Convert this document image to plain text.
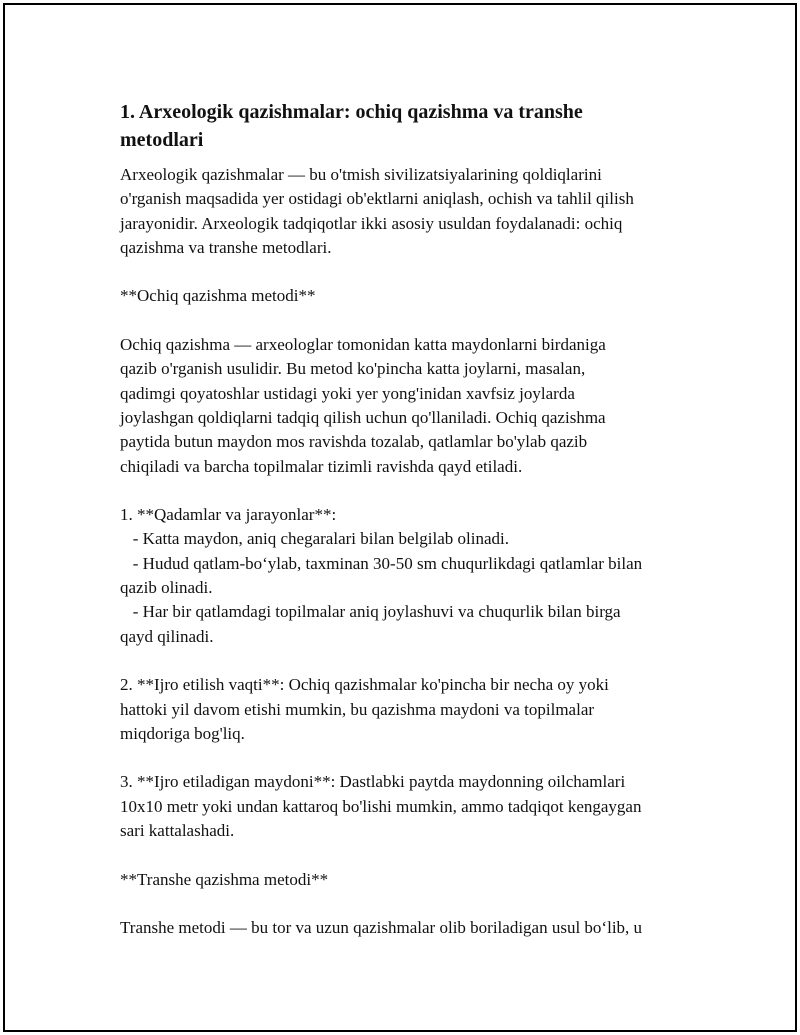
1. Arxeologik qazishmalar: ochiq qazishma va transhe
metodlari
Arxeologik qazishmalar — bu o'tmish sivilizatsiyalarining qoldiqlarini
o'rganish maqsadida yer ostidagi ob'ektlarni aniqlash, ochish va tahlil qilish
jarayonidir. Arxeologik tadqiqotlar ikki asosiy usuldan foydalanadi: ochiq
qazishma va transhe metodlari.
**Ochiq qazishma metodi**
Ochiq qazishma — arxeologlar tomonidan katta maydonlarni birdaniga
qazib o'rganish usulidir. Bu metod ko'pincha katta joylarni, masalan,
qadimgi qoyatoshlar ustidagi yoki yer yong'inidan xavfsiz joylarda
joylashgan qoldiqlarni tadqiq qilish uchun qo'llaniladi. Ochiq qazishma
paytida butun maydon mos ravishda tozalab, qatlamlar bo'ylab qazib
chiqiladi va barcha topilmalar tizimli ravishda qayd etiladi.
1. **Qadamlar va jarayonlar**:
- Katta maydon, aniq chegaralari bilan belgilab olinadi.
- Hudud qatlam-bo‘ylab, taxminan 30-50 sm chuqurlikdagi qatlamlar bilan
qazib olinadi.
- Har bir qatlamdagi topilmalar aniq joylashuvi va chuqurlik bilan birga
qayd qilinadi.
2. **Ijro etilish vaqti**: Ochiq qazishmalar ko'pincha bir necha oy yoki
hattoki yil davom etishi mumkin, bu qazishma maydoni va topilmalar
miqdoriga bog'liq.
3. **Ijro etiladigan maydoni**: Dastlabki paytda maydonning oilchamlari
10x10 metr yoki undan kattaroq bo'lishi mumkin, ammo tadqiqot kengaygan
sari kattalashadi.
**Transhe qazishma metodi**
Transhe metodi — bu tor va uzun qazishmalar olib boriladigan usul bo‘lib, u
